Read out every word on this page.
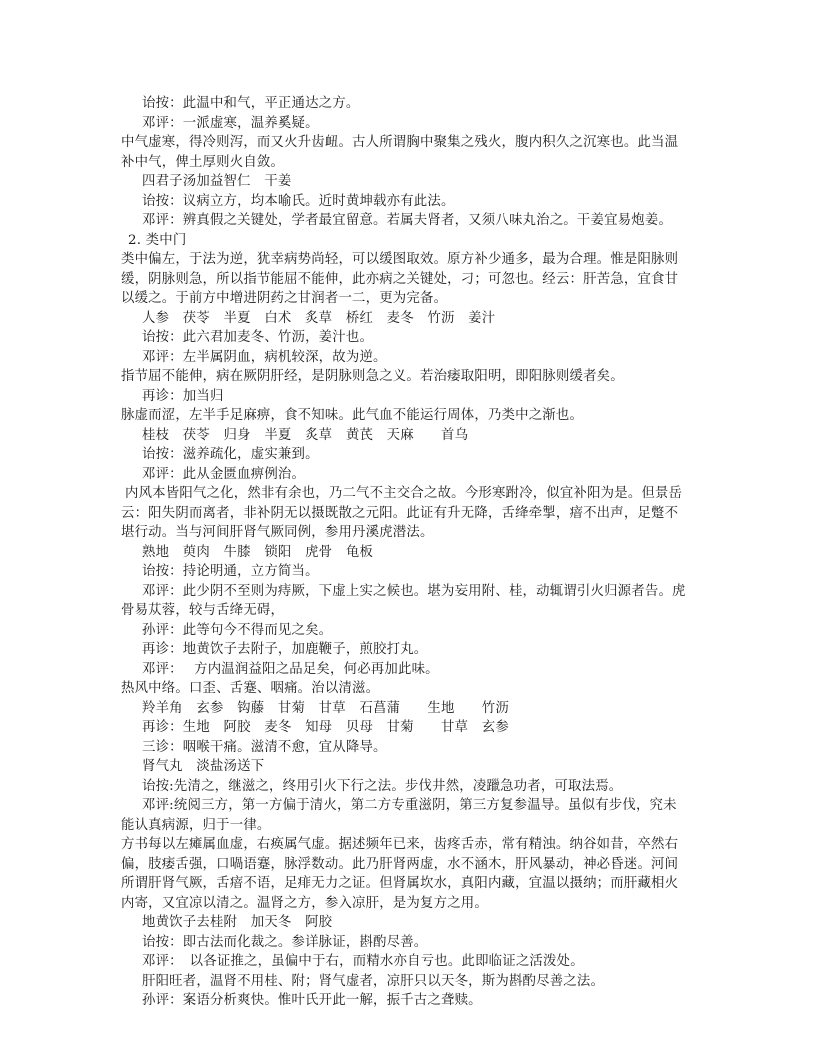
诒按：此温中和气，平正通达之方。
邓评：一派虚寒，温养奚疑。
中气虚寒，得冷则泻，而又火升齿衄。古人所谓胸中聚集之残火，腹内积久之沉寒也。此当温
补中气，俾土厚则火自敛。
四君子汤加益智仁　干姜
诒按：议病立方，均本喻氏。近时黄坤载亦有此法。
邓评：辨真假之关键处，学者最宜留意。若属夫肾者，又须八味丸治之。干姜宜易炮姜。
2. 类中门
类中偏左，于法为逆，犹幸病势尚轻，可以缓图取效。原方补少通多，最为合理。惟是阳脉则
缓，阴脉则急，所以指节能屈不能伸，此亦病之关键处，刁；可忽也。经云：肝苦急，宜食甘
以缓之。于前方中增进阴药之甘润者一二，更为完备。
人参　茯苓　半夏　白术　炙草　桥红　麦冬　竹沥　姜汁
诒按：此六君加麦冬、竹沥，姜汁也。
邓评：左半属阴血，病机较深，故为逆。
指节屈不能伸，病在厥阴肝经，是阴脉则急之义。若治痿取阳明，即阳脉则缓者矣。
再诊：加当归
脉虚而涩，左半手足麻痹，食不知味。此气血不能运行周体，乃类中之渐也。
桂枝　茯苓　归身　半夏　炙草　黄芪　天麻　　首乌
诒按：滋养疏化，虚实兼到。
邓评：此从金匮血痹例治。
内风本皆阳气之化，然非有余也，乃二气不主交合之故。今形寒跗冷，似宜补阳为是。但景岳
云：阳失阴而离者，非补阴无以摄既散之元阳。此证有升无降，舌绛牵掣，瘖不出声，足蹩不
堪行动。当与河间肝肾气厥同例，参用丹溪虎潜法。
熟地　萸肉　牛膝　锁阳　虎骨　龟板
诒按：持论明通，立方简当。
邓评：此少阴不至则为痔厥，下虚上实之候也。堪为妄用附、桂，动辄谓引火归源者告。虎
骨易苁蓉，较与舌绛无碍，
孙评：此等句今不得而见之矣。
再诊：地黄饮子去附子，加鹿鞭子，煎胶打丸。
邓评：　 方内温润益阳之品足矣，何必再加此味。
热风中络。口歪、舌蹇、咽痛。治以清滋。
羚羊角　玄参　钩藤　甘菊　甘草　石菖蒲　　生地　　竹沥
再诊：生地　阿胶　麦冬　知母　贝母　甘菊　　甘草　玄参
三诊：咽喉干痛。滋清不愈，宜从降导。
肾气丸　淡盐汤送下
诒按:先清之，继滋之，终用引火下行之法。步伐井然，凌躐急功者，可取法焉。
邓评:统阅三方，第一方偏于清火，第二方专重滋阴，第三方复参温导。虽似有步伐，究未
能认真病源，归于一律。
方书每以左瘫属血虚，右痪属气虚。据述频年已来，齿疼舌赤，常有精浊。纳谷如昔，卒然右
偏，肢痿舌强，口喎语蹇，脉浮数动。此乃肝肾两虚，水不涵木，肝风暴动，神必昏迷。河间
所谓肝肾气厥，舌瘖不语，足痱无力之证。但肾属坎水，真阳内藏，宜温以摄纳；而肝藏相火
内寄，又宜凉以清之。温肾之方，参入凉肝，是为复方之用。
地黄饮子去桂附　加天冬　阿胶
诒按：即古法而化裁之。参详脉证，斟酌尽善。
邓评：　以各证推之，虽偏中于右，而精水亦自亏也。此即临证之活泼处。
肝阳旺者，温肾不用桂、附；肾气虚者，凉肝只以天冬，斯为斟酌尽善之法。
孙评：案语分析爽快。惟叶氏开此一解，振千古之聋赎。
